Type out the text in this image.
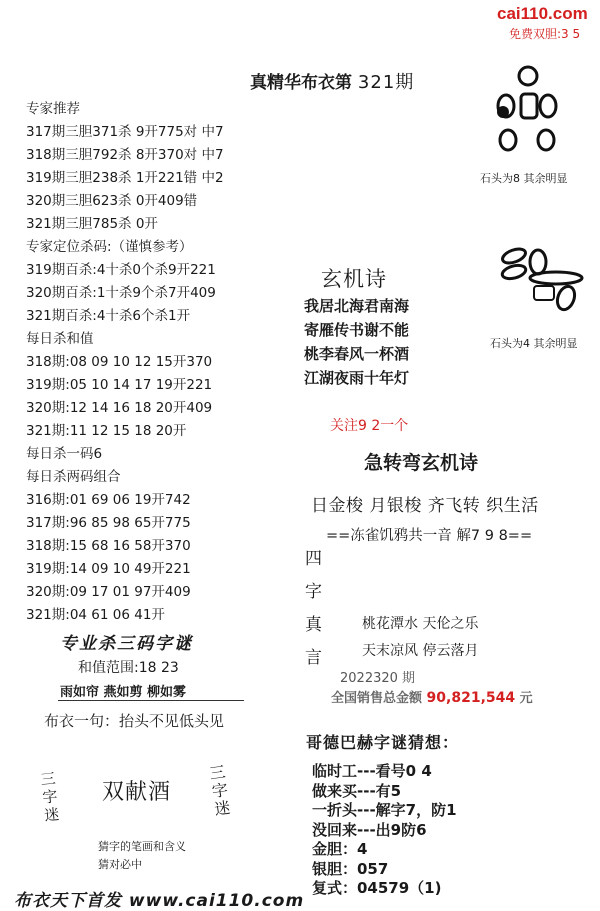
cai110.com
免费双胆:3 5
真精华布衣第 321期
专家推荐
317期三胆371杀 9开775对 中7
318期三胆792杀 8开370对 中7
319期三胆238杀 1开221错 中2
320期三胆623杀 0开409错
321期三胆785杀 0开
专家定位杀码:（谨慎参考）
319期百杀:4十杀0个杀9开221
320期百杀:1十杀9个杀7开409
321期百杀:4十杀6个杀1开
每日杀和值
318期:08 09 10 12 15开370
319期:05 10 14 17 19开221
320期:12 14 16 18 20开409
321期:11 12 15 18 20开
每日杀一码6
每日杀两码组合
316期:01 69 06 19开742
317期:96 85 98 65开775
318期:15 68 16 58开370
319期:14 09 10 49开221
320期:09 17 01 97开409
321期:04 61 06 41开
专业杀三码字谜
和值范围:18 23
雨如帘 燕如剪 柳如雾
布衣一句：抬头不见低头见
三字迷
双献酒
三字迷
猜字的笔画和含义
猜对必中
布衣天下首发 www.cai110.com
石头为8 其余明显
石头为4 其余明显
玄机诗
我居北海君南海
寄雁传书谢不能
桃李春风一杯酒
江湖夜雨十年灯
关注9 2一个
急转弯玄机诗
日金梭 月银梭 齐飞转 织生活
==冻雀饥鸦共一音 解7 9 8==
四字真言
桃花潭水 天伦之乐
天末凉风 停云落月
2022320 期
全国销售总金额 90,821,544 元
哥德巴赫字谜猜想：
临时工---看号0 4
做来买---有5
一折头---解字7，防1
没回来---出9防6
金胆：4
银胆：057
复式：04579（1)
